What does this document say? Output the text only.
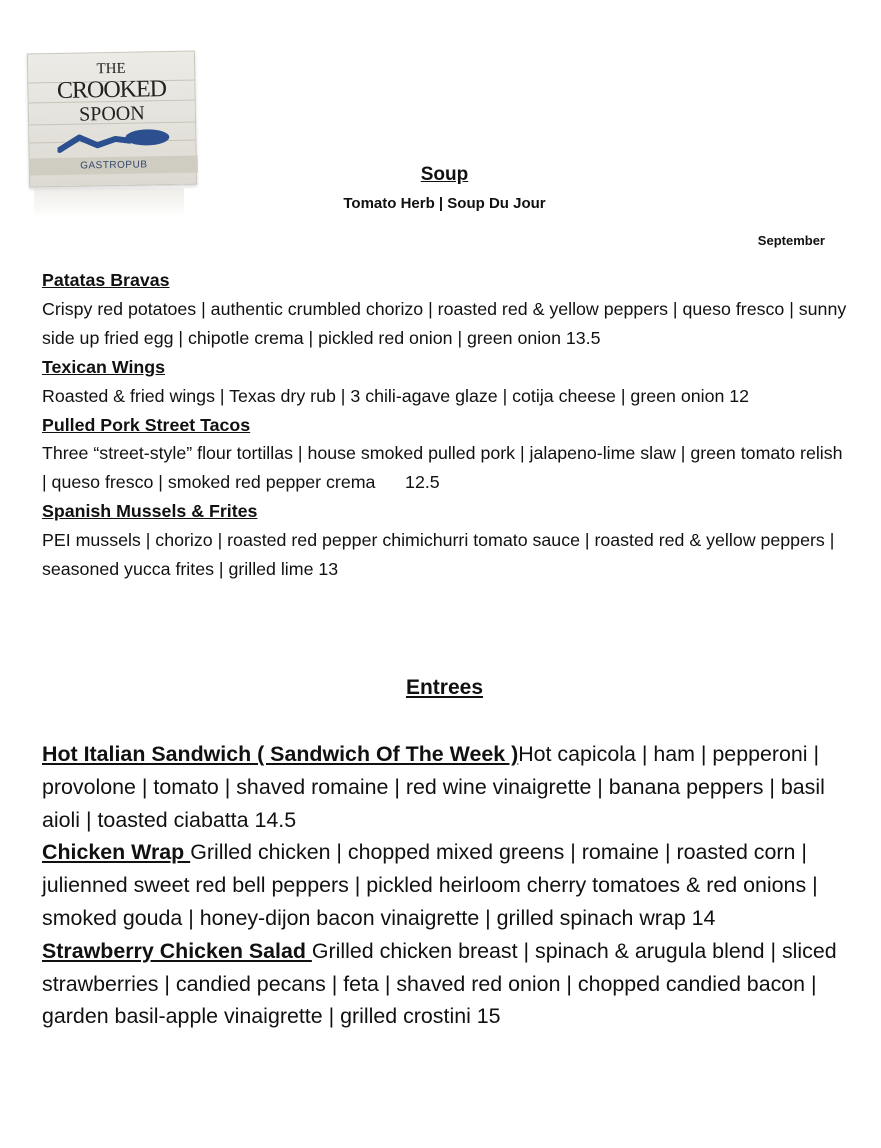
THE
CROOKED
SPOON
GASTROPUB	Soup
Tomato Herb | Soup Du Jour
September
Patatas Bravas
Crispy red potatoes | authentic crumbled chorizo | roasted red & yellow peppers | queso fresco | sunny side up fried egg | chipotle crema | pickled red onion | green onion 13.5
Texican Wings
Roasted & fried wings | Texas dry rub | 3 chili-agave glaze | cotija cheese | green onion 12
Pulled Pork Street Tacos
Three “street-style” flour tortillas | house smoked pulled pork | jalapeno-lime slaw | green tomato relish | queso fresco | smoked red pepper crema      12.5
Spanish Mussels & Frites
PEI mussels | chorizo | roasted red pepper chimichurri tomato sauce | roasted red & yellow peppers | seasoned yucca frites | grilled lime 13
Entrees
Hot Italian Sandwich ( Sandwich Of The Week )Hot capicola | ham | pepperoni | provolone | tomato | shaved romaine | red wine vinaigrette | banana peppers | basil aioli | toasted ciabatta 14.5
Chicken Wrap Grilled chicken | chopped mixed greens | romaine | roasted corn | julienned sweet red bell peppers | pickled heirloom cherry tomatoes & red onions | smoked gouda | honey-dijon bacon vinaigrette | grilled spinach wrap 14
Strawberry Chicken Salad Grilled chicken breast | spinach & arugula blend | sliced strawberries | candied pecans | feta | shaved red onion | chopped candied bacon | garden basil-apple vinaigrette | grilled crostini 15
